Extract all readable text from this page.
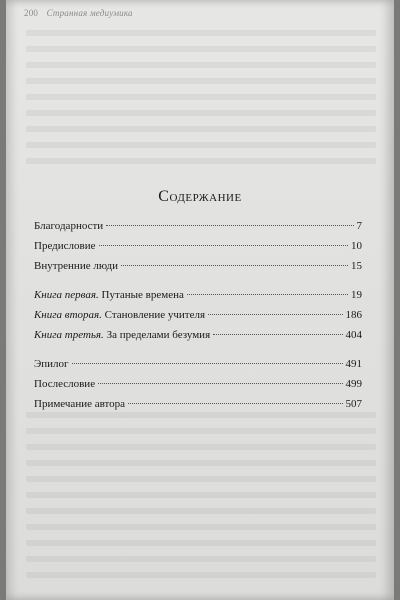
200 Странная медиумика
Содержание
Благодарности	7
Предисловие	10
Внутренние люди	15
Книга первая. Путаные времена	19
Книга вторая. Становление учителя	186
Книга третья. За пределами безумия	404
Эпилог	491
Послесловие	499
Примечание автора	507
